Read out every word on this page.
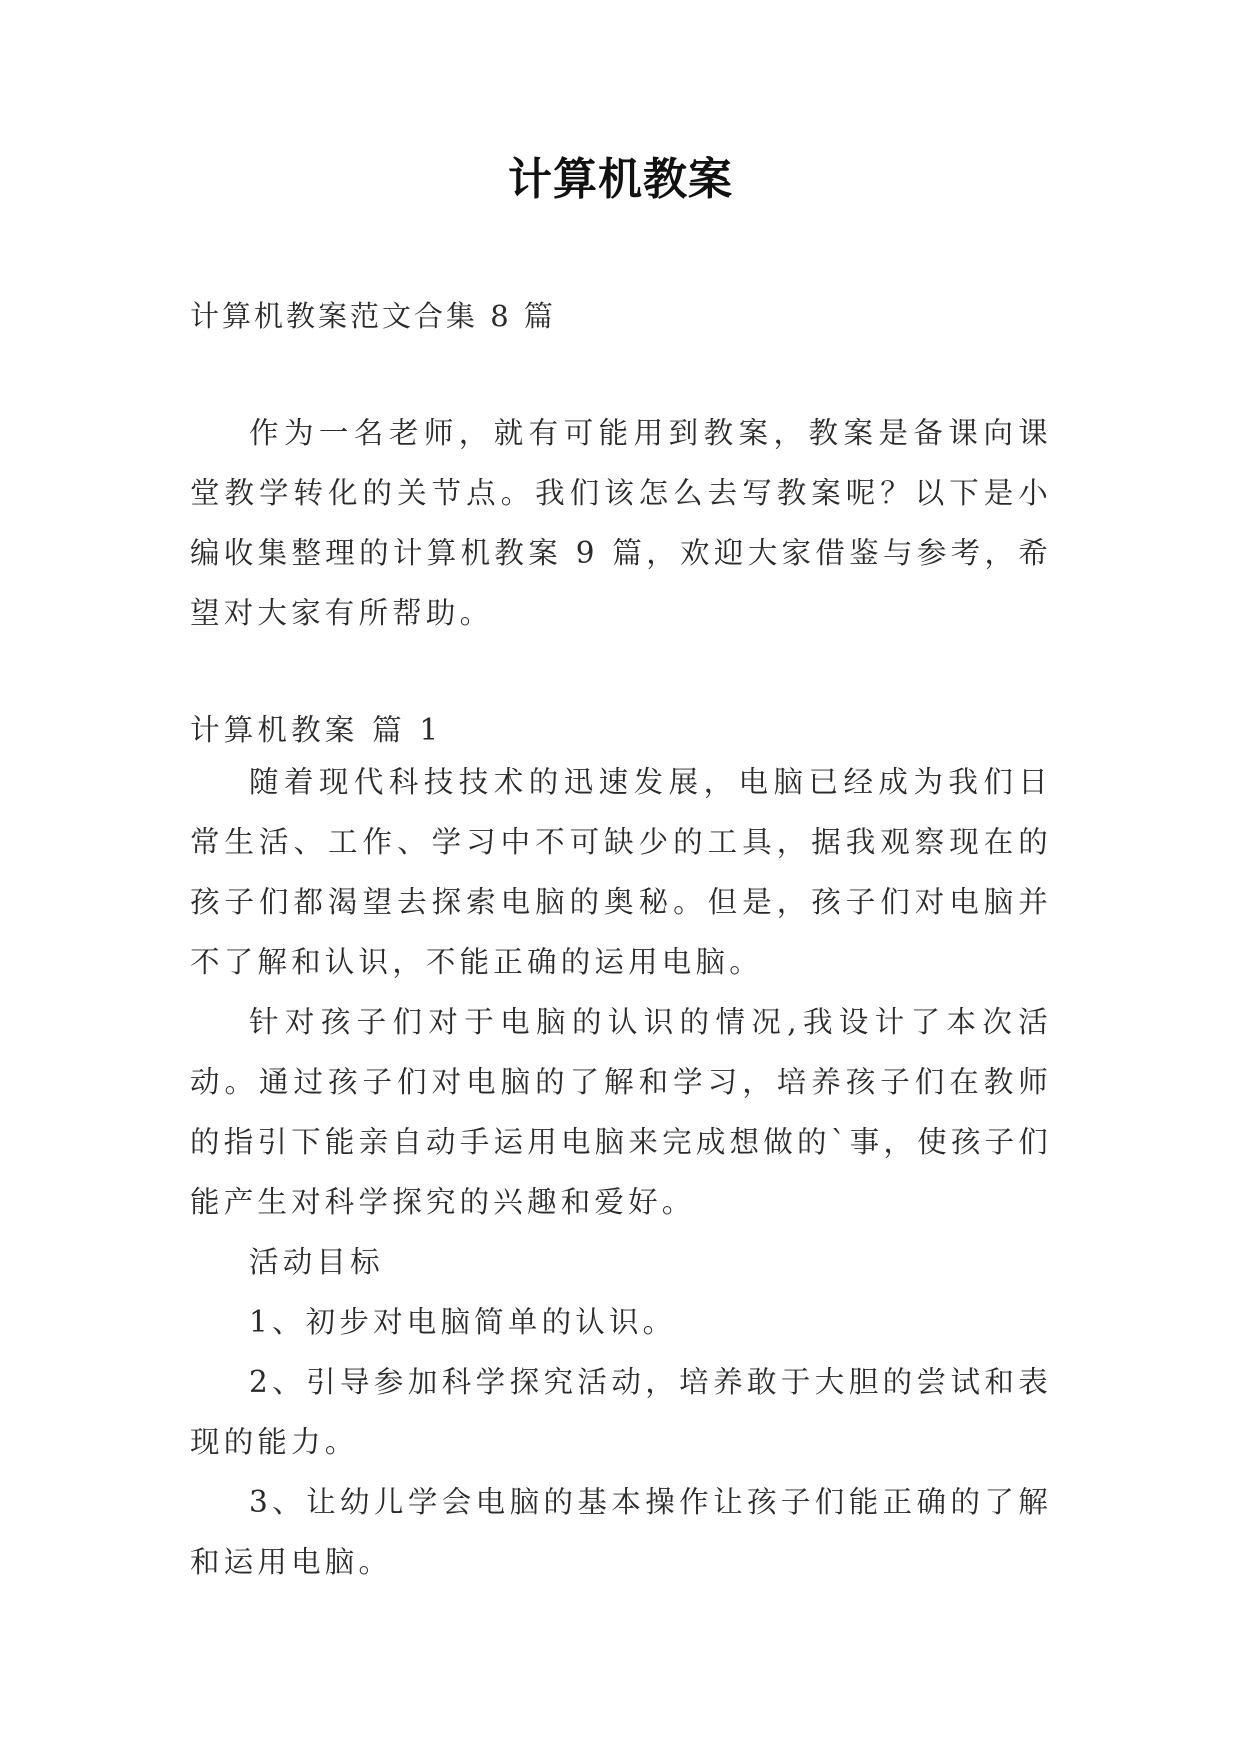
计算机教案
计算机教案范文合集 8 篇

作为一名老师，就有可能用到教案，教案是备课向课堂教学转化的关节点。我们该怎么去写教案呢？以下是小编收集整理的计算机教案 9 篇，欢迎大家借鉴与参考，希望对大家有所帮助。

计算机教案 篇 1

随着现代科技技术的迅速发展，电脑已经成为我们日常生活、工作、学习中不可缺少的工具，据我观察现在的孩子们都渴望去探索电脑的奥秘。但是，孩子们对电脑并不了解和认识，不能正确的运用电脑。

针对孩子们对于电脑的认识的情况,我设计了本次活动。通过孩子们对电脑的了解和学习，培养孩子们在教师的指引下能亲自动手运用电脑来完成想做的`事，使孩子们能产生对科学探究的兴趣和爱好。

活动目标

1、初步对电脑简单的认识。

2、引导参加科学探究活动，培养敢于大胆的尝试和表现的能力。

3、让幼儿学会电脑的基本操作让孩子们能正确的了解和运用电脑。
